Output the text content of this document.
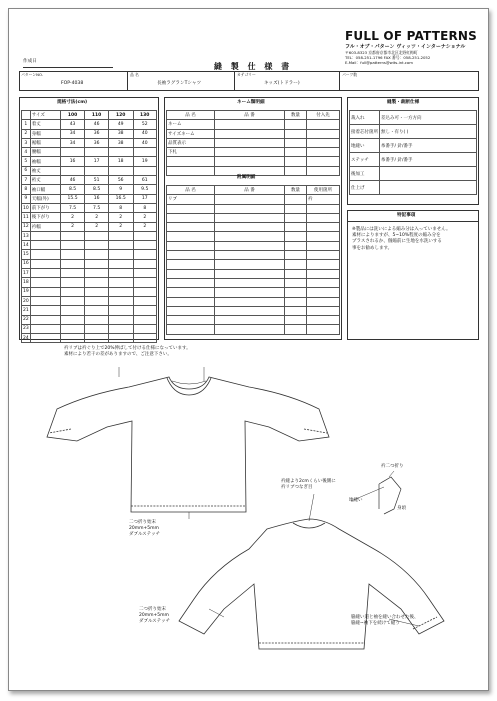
作成日
縫 製 仕 様 書
FULL OF PATTERNS
フル・オブ・パターン ヴィッツ・インターナショナル
〒603-8323 京都府京都市北区北野紅梅町
TEL：058-251-1796 FAX 番号：058-251-2052
E-Mail：full@patterns@wits-int.com
パターンNO.
FOP-4038
品 名
長袖ラグランTシャツ
カテゴリー
キッズ(トドラー)
パーツ数
規格寸法(cm)
	サイズ	100	110	120	130
1	着丈	43	46	49	52
2	身幅	34	36	38	40
3	裾幅	34	36	38	40
4	腰幅				
5	袖幅	16	17	18	19
6	袖丈				
7	裄丈	46	51	56	61
8	袖口幅	8.5	8.5	9	9.5
9	天幅(外)	15.5	16	16.5	17
10	前下がり	7.5	7.5	8	8
11	後下がり	2	2	2	2
12	衿幅	2	2	2	2
13					
14					
15					
16					
17					
18					
19					
20					
21					
22					
23					
24					
ネーム類明細
品 名	品 番	数量	付入先
ネーム			
サイズネーム			
品質表示			
下札			

附属明細
品 名	品 番	数量	使用箇所
リブ			衿

縫製・裁断仕様
裁入れ	差込み可・一方方向
接着芯付箇所	無し・有り( )
地縫い	糸番手/ 針/番手
ステッチ	糸番手/ 針/番手
後加工	
仕上げ	
特記事項
※製品には洗いによる縮み分は入っていません。
素材によりますが、5~10%程度の縮み分を
プラスされるか、個縮前に生地を水洗いする
事をお勧めします。
衿リブは衿ぐり上で20%伸ばして付ける仕様になっています。
素材により若干の差がありますので、ご注意下さい。
二つ折り始末
20mm+5mm
ダブルステッチ
二つ折り始末
20mm+5mm
ダブルステッチ
衿縫より2cmくらい後側に
衿リブつなぎ目
衿二つ折り
地縫い
身頃
脇縫い道と袖を縫い合わせた後、
脇縫~袖下を続けて縫う
